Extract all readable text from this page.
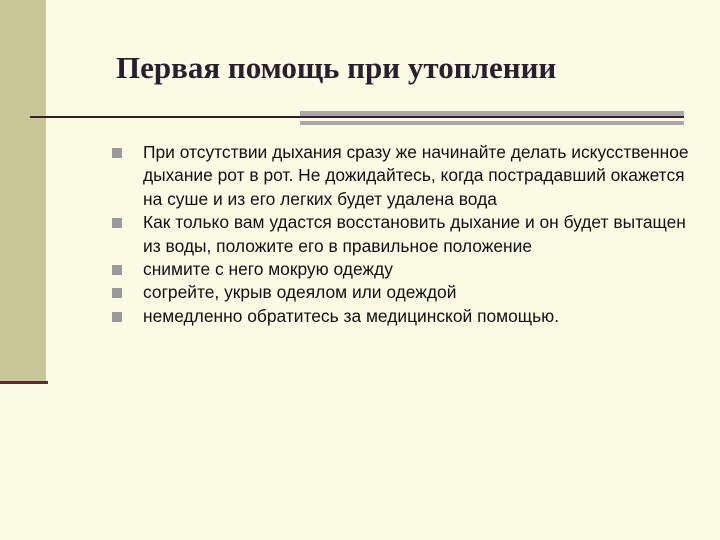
Первая помощь при утоплении
При отсутствии дыхания сразу же начинайте делать искусственное дыхание рот в рот. Не дожидайтесь, когда пострадавший окажется на суше и из его легких будет удалена вода
Как только вам удастся восстановить дыхание и он будет вытащен из воды, положите его в правильное положение
снимите с него мокрую одежду
согрейте, укрыв одеялом или одеждой
немедленно обратитесь за медицинской помощью.
